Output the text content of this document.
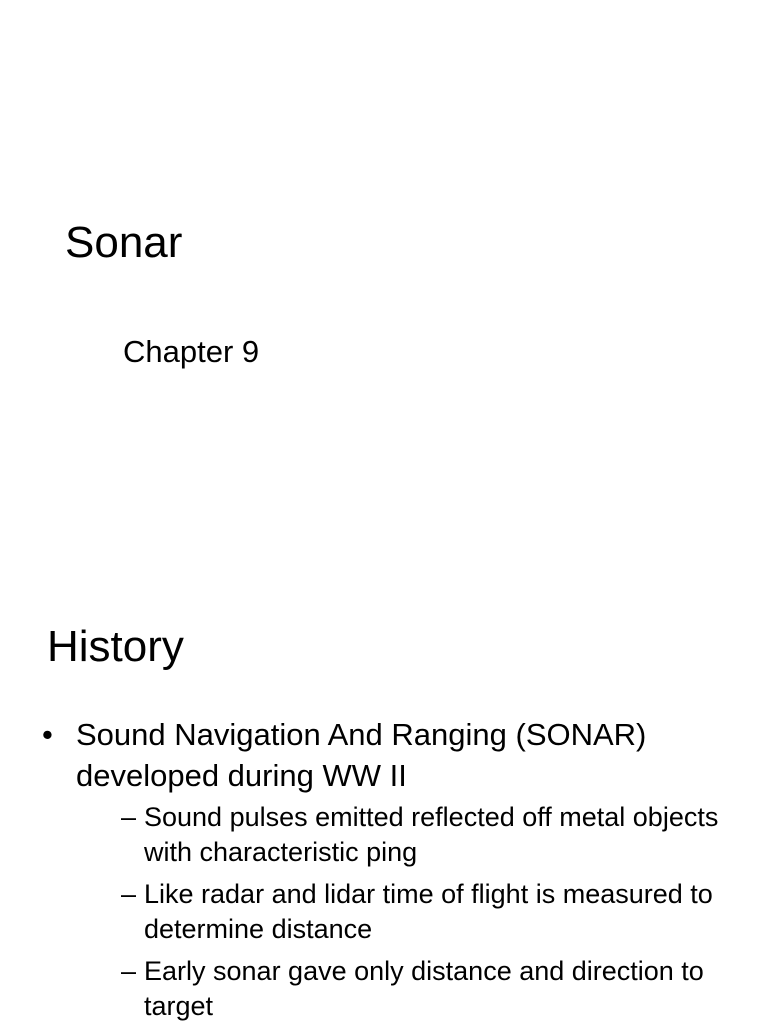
Sonar
Chapter 9
History
• Sound Navigation And Ranging (SONAR) developed during WW II
– Sound pulses emitted reflected off metal objects with characteristic ping
– Like radar and lidar time of flight is measured to determine distance
– Early sonar gave only distance and direction to target
